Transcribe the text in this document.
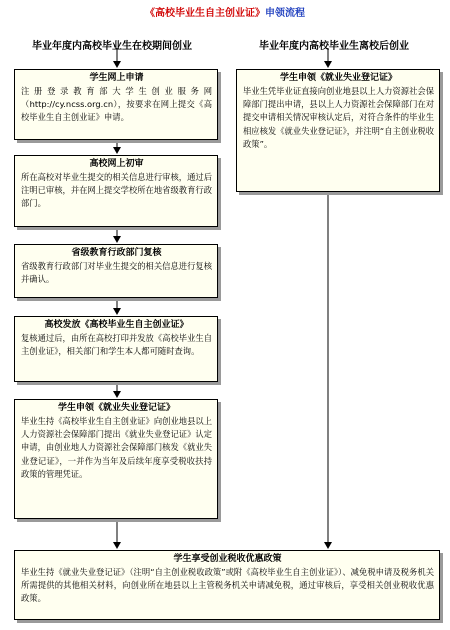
《高校毕业生自主创业证》申领流程
毕业年度内高校毕业生在校期间创业	毕业年度内高校毕业生离校后创业
学生网上申请
注册登录教育部大学生创业服务网（http://cy.ncss.org.cn），按要求在网上提交《高校毕业生自主创业证》申请。
高校网上初审
所在高校对毕业生提交的相关信息进行审核，通过后注明已审核，并在网上提交学校所在地省级教育行政部门。
省级教育行政部门复核
省级教育行政部门对毕业生提交的相关信息进行复核并确认。
高校发放《高校毕业生自主创业证》
复核通过后，由所在高校打印并发放《高校毕业生自主创业证》，相关部门和学生本人都可随时查询。
学生申领《就业失业登记证》
毕业生持《高校毕业生自主创业证》向创业地县以上人力资源社会保障部门提出《就业失业登记证》认定申请，由创业地人力资源社会保障部门核发《就业失业登记证》，一并作为当年及后续年度享受税收扶持政策的管理凭证。
学生申领《就业失业登记证》
毕业生凭毕业证直接向创业地县以上人力资源社会保障部门提出申请，县以上人力资源社会保障部门在对提交申请相关情况审核认定后，对符合条件的毕业生相应核发《就业失业登记证》，并注明“自主创业税收政策”。
学生享受创业税收优惠政策
毕业生持《就业失业登记证》（注明“自主创业税收政策”或附《高校毕业生自主创业证》）、减免税申请及税务机关所需提供的其他相关材料，向创业所在地县以上主管税务机关申请减免税，通过审核后，享受相关创业税收优惠政策。
